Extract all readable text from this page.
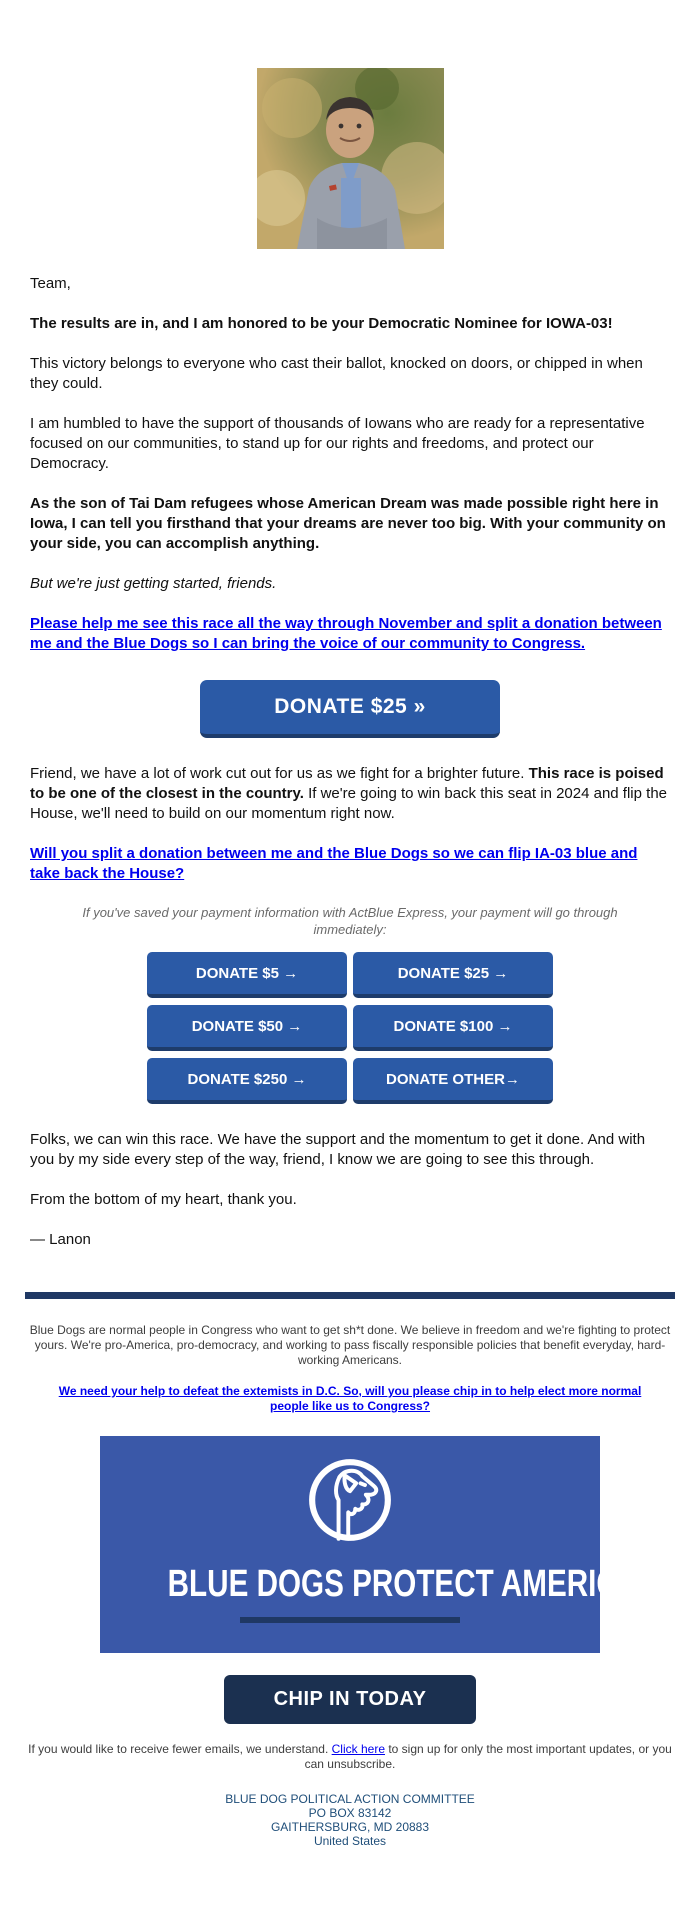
Team,

The results are in, and I am honored to be your Democratic Nominee for IOWA-03!

This victory belongs to everyone who cast their ballot, knocked on doors, or chipped in when they could.

I am humbled to have the support of thousands of Iowans who are ready for a representative focused on our communities, to stand up for our rights and freedoms, and protect our Democracy.

As the son of Tai Dam refugees whose American Dream was made possible right here in Iowa, I can tell you firsthand that your dreams are never too big. With your community on your side, you can accomplish anything.

But we're just getting started, friends.

Please help me see this race all the way through November and split a donation between me and the Blue Dogs so I can bring the voice of our community to Congress.

DONATE $25 »

Friend, we have a lot of work cut out for us as we fight for a brighter future. This race is poised to be one of the closest in the country. If we're going to win back this seat in 2024 and flip the House, we'll need to build on our momentum right now.

Will you split a donation between me and the Blue Dogs so we can flip IA-03 blue and take back the House?

If you've saved your payment information with ActBlue Express, your payment will go through immediately:
DONATE $5 →	DONATE $25 →
DONATE $50 →	DONATE $100 →
DONATE $250 →	DONATE OTHER→

Folks, we can win this race. We have the support and the momentum to get it done. And with you by my side every step of the way, friend, I know we are going to see this through.

From the bottom of my heart, thank you.

— Lanon

Blue Dogs are normal people in Congress who want to get sh*t done. We believe in freedom and we're fighting to protect yours. We're pro-America, pro-democracy, and working to pass fiscally responsible policies that benefit everyday, hard-working Americans.
We need your help to defeat the extemists in D.C. So, will you please chip in to help elect more normal people like us to Congress?
BLUE DOGS PROTECT AMERICA.
CHIP IN TODAY
If you would like to receive fewer emails, we understand. Click here to sign up for only the most important updates, or you can unsubscribe.
BLUE DOG POLITICAL ACTION COMMITTEE
PO BOX 83142
GAITHERSBURG, MD 20883
United States
